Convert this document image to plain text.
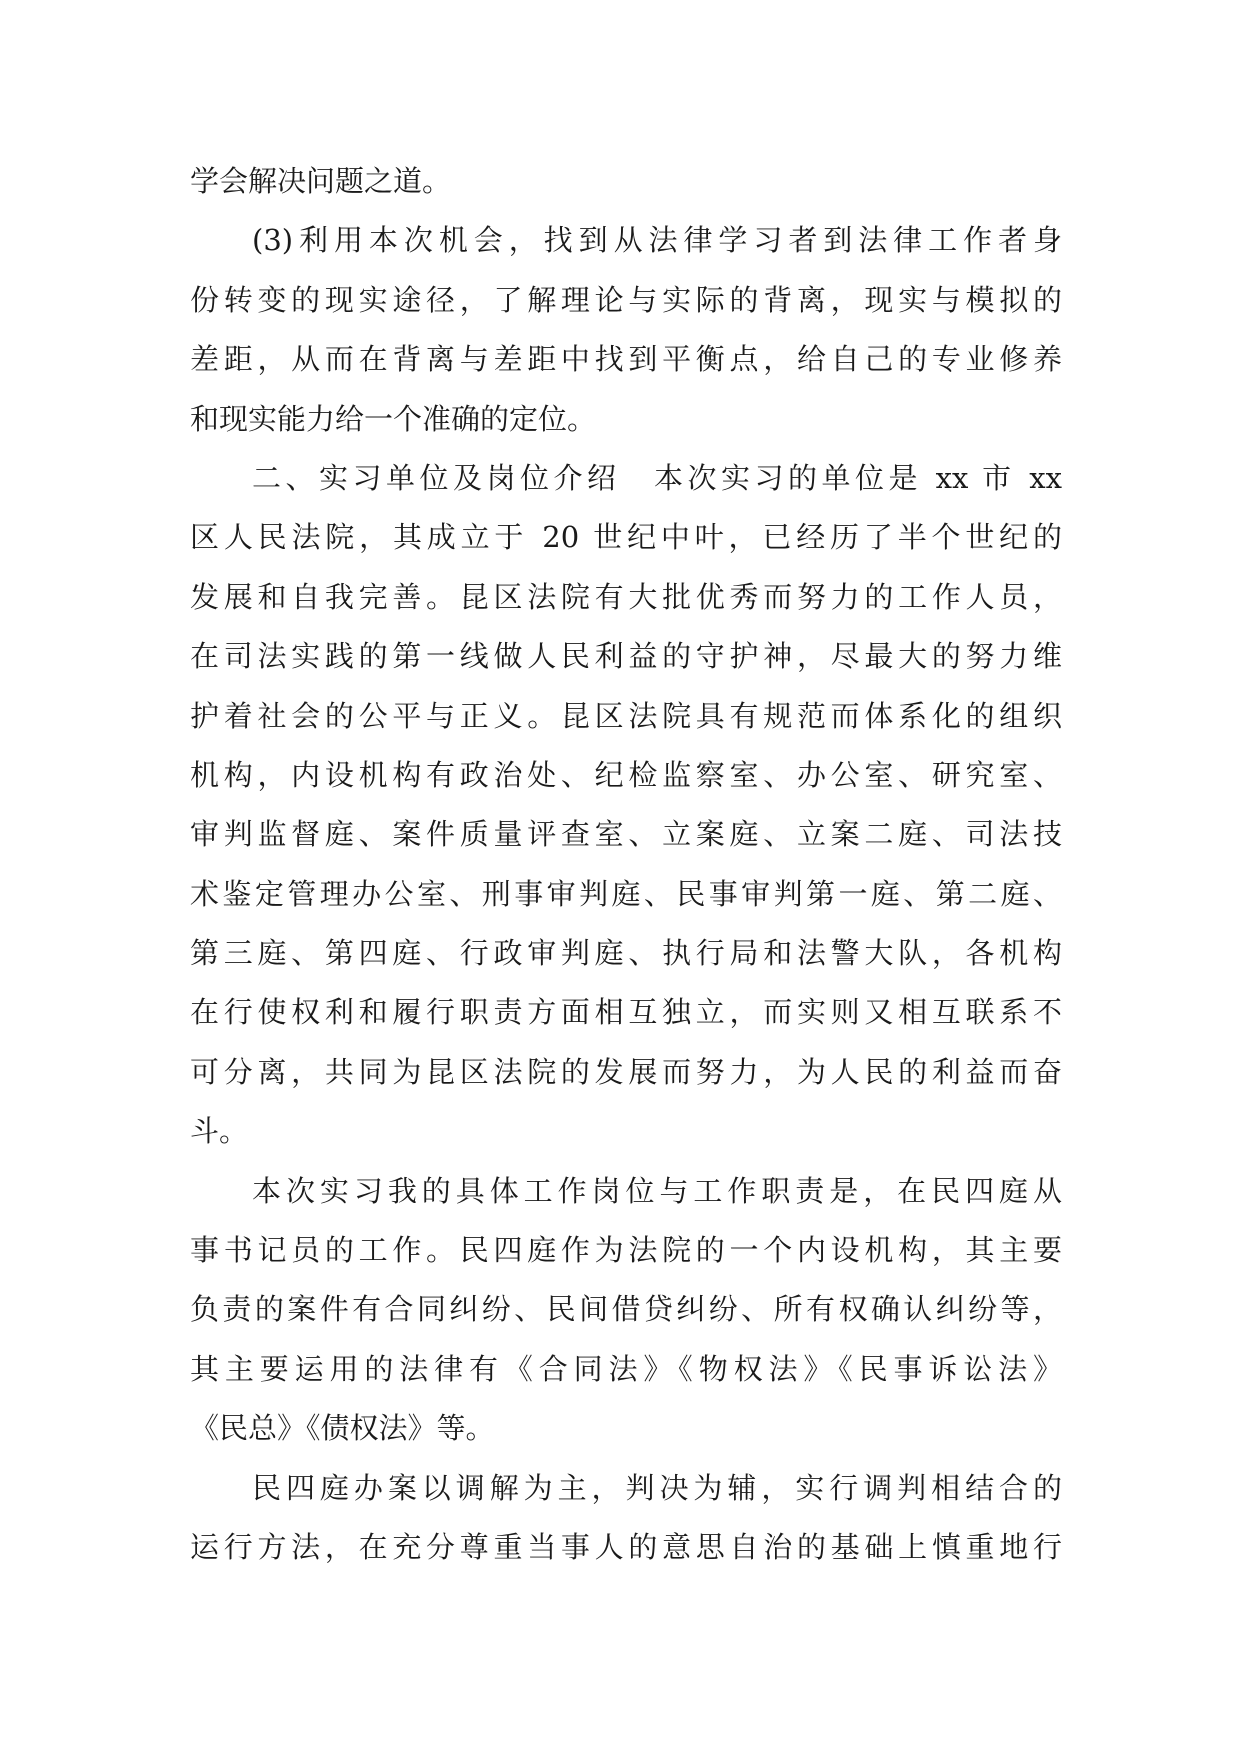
学会解决问题之道。
(3)利用本次机会，找到从法律学习者到法律工作者身
份转变的现实途径，了解理论与实际的背离，现实与模拟的
差距，从而在背离与差距中找到平衡点，给自己的专业修养
和现实能力给一个准确的定位。
二、实习单位及岗位介绍　本次实习的单位是 xx 市 xx
区人民法院，其成立于 20 世纪中叶，已经历了半个世纪的
发展和自我完善。昆区法院有大批优秀而努力的工作人员，
在司法实践的第一线做人民利益的守护神，尽最大的努力维
护着社会的公平与正义。昆区法院具有规范而体系化的组织
机构，内设机构有政治处、纪检监察室、办公室、研究室、
审判监督庭、案件质量评查室、立案庭、立案二庭、司法技
术鉴定管理办公室、刑事审判庭、民事审判第一庭、第二庭、
第三庭、第四庭、行政审判庭、执行局和法警大队，各机构
在行使权利和履行职责方面相互独立，而实则又相互联系不
可分离，共同为昆区法院的发展而努力，为人民的利益而奋
斗。
本次实习我的具体工作岗位与工作职责是，在民四庭从
事书记员的工作。民四庭作为法院的一个内设机构，其主要
负责的案件有合同纠纷、民间借贷纠纷、所有权确认纠纷等，
其主要运用的法律有《合同法》《物权法》《民事诉讼法》
《民总》《债权法》等。
民四庭办案以调解为主，判决为辅，实行调判相结合的
运行方法，在充分尊重当事人的意思自治的基础上慎重地行
